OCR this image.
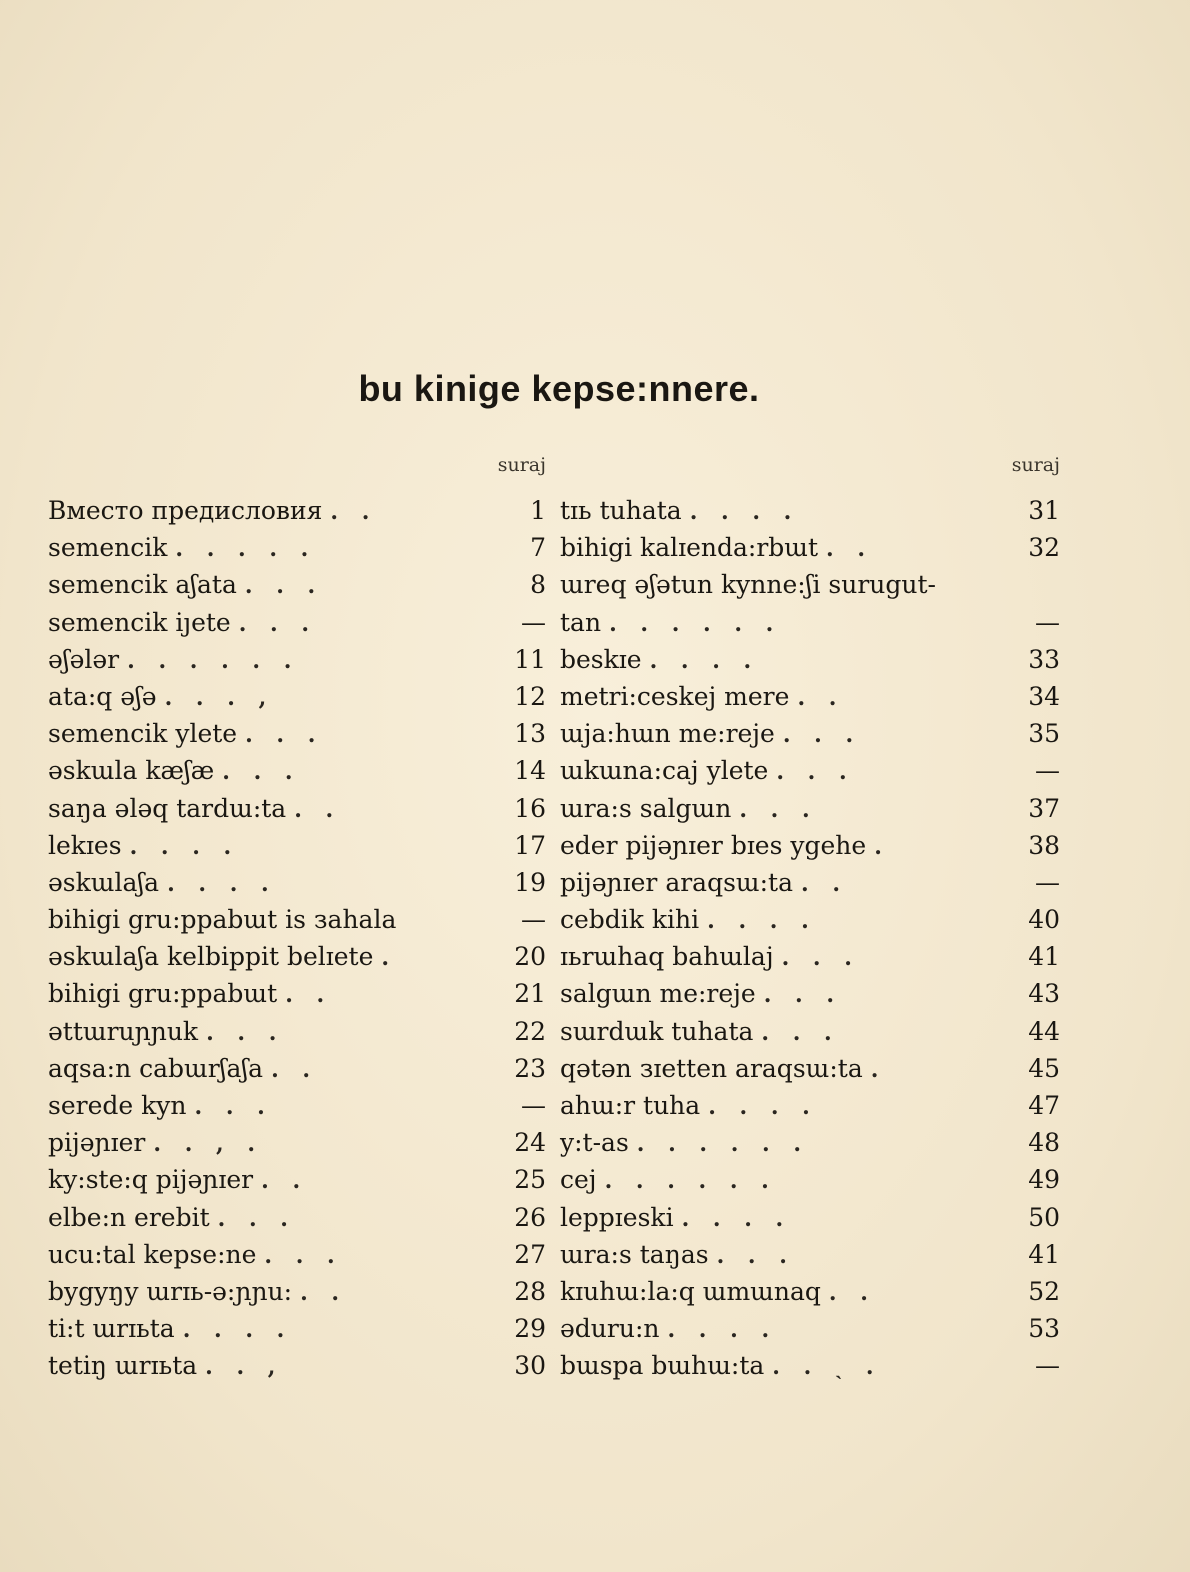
bu kinige kepse:nnere.
suraj
Вместо предисловия . .	1
semencik . . . . .	7
semencik aʃata . . .	8
semencik iȷete . . .	—
əʃələr . . . . . .	11
ata:q əʃə . . . ,	12
semencik ylete . . .	13
əskɯla kæʃæ . . .	14
saŋa ələq tardɯ:ta . .	16
lekɪes . . . .	17
əskɯlaʃa . . . .	19
bihigi gru:ppabɯt is зahala	—
əskɯlaʃa kelbippit belɪete .	20
bihigi gru:ppabɯt . .	21
əttɯruɲɲuk . . .	22
aqsa:n cabɯrʃaʃa . .	23
serede kyn . . .	—
pijəɲɪer . . , .	24
ky:ste:q pijəɲɪer . .	25
elbe:n erebit . . .	26
ucu:tal kepse:ne . . .	27
bygyŋy ɯrɪь-ə:ɲɲu: . .	28
ti:t ɯrɪьta . . . .	29
tetiŋ ɯrɪьta . . ,	30
suraj
tɪь tuhata . . . .	31
bihigi kalɪenda:rbɯt . .	32
ɯreq əʃətun kynne:ʃi surugut-
tan . . . . . .	—
beskɪe . . . .	33
metri:ceskej mere . .	34
ɯja:hɯn me:reje . . .	35
ɯkɯna:caj ylete . . .	—
ɯra:s salgɯn . . .	37
eder pijəɲɪer bɪes ygehe .	38
pijəɲɪer araqsɯ:ta . .	—
cebdik kihi . . . .	40
ɪьrɯhaq bahɯlaj . . .	41
salgɯn me:reje . . .	43
sɯrdɯk tuhata . . .	44
qətən зɪetten araqsɯ:ta .	45
ahɯ:r tuha . . . .	47
y:t-as . . . . . .	48
cej . . . . . .	49
leppɪeski . . . .	50
ɯra:s taŋas . . .	41
kɪuhɯ:la:q ɯmɯnaq . .	52
əduru:n . . . .	53
bɯspa bɯhɯ:ta . . ˎ .	—
